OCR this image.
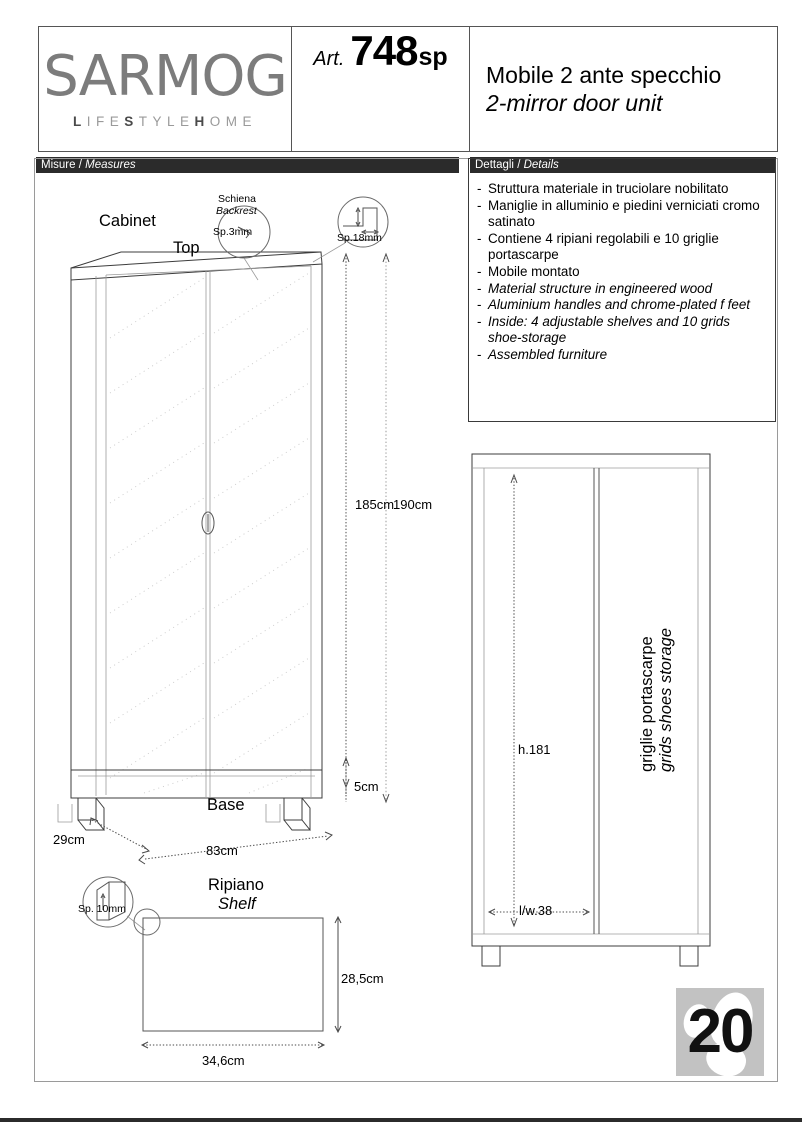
SARMOG
LIFESTYLEHOME
Art. 748 sp
Mobile 2 ante specchio
2-mirror door unit
Misure / Measures
Cabinet
Top
Base
Schiena
Backrest
Sp.3mm	Sp.18mm
185cm
190cm
5cm
29cm
83cm
Ripiano
Shelf
Sp. 10mm
28,5cm
34,6cm
Dettagli / Details
- Struttura materiale in truciolare nobilitato
- Maniglie in alluminio e piedini verniciati cromo satinato
- Contiene 4 ripiani regolabili e 10 griglie portascarpe
- Mobile montato
- Material structure in engineered wood
- Aluminium handles and chrome-plated f feet
- Inside: 4 adjustable shelves and 10 grids shoe-storage
- Assembled furniture
h.181
l/w.38
griglie portascarpe grids shoes storage
20
